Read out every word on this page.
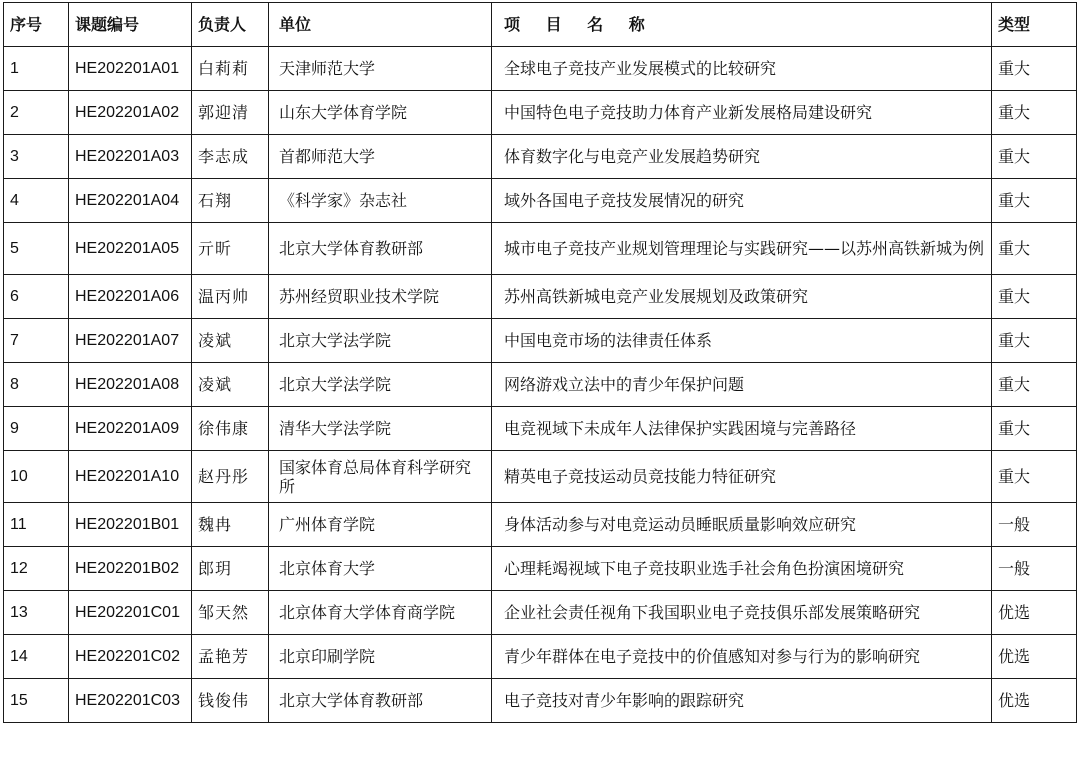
序号	课题编号	负责人	单位	项 目 名 称	类型
1	HE202201A01	白莉莉	天津师范大学	全球电子竞技产业发展模式的比较研究	重大
2	HE202201A02	郭迎清	山东大学体育学院	中国特色电子竞技助力体育产业新发展格局建设研究	重大
3	HE202201A03	李志成	首都师范大学	体育数字化与电竞产业发展趋势研究	重大
4	HE202201A04	石翔	《科学家》杂志社	域外各国电子竞技发展情况的研究	重大
5	HE202201A05	亓昕	北京大学体育教研部	城市电子竞技产业规划管理理论与实践研究——以苏州高铁新城为例	重大
6	HE202201A06	温丙帅	苏州经贸职业技术学院	苏州高铁新城电竞产业发展规划及政策研究	重大
7	HE202201A07	凌斌	北京大学法学院	中国电竞市场的法律责任体系	重大
8	HE202201A08	凌斌	北京大学法学院	网络游戏立法中的青少年保护问题	重大
9	HE202201A09	徐伟康	清华大学法学院	电竞视域下未成年人法律保护实践困境与完善路径	重大
10	HE202201A10	赵丹彤	国家体育总局体育科学研究所	精英电子竞技运动员竞技能力特征研究	重大
11	HE202201B01	魏冉	广州体育学院	身体活动参与对电竞运动员睡眠质量影响效应研究	一般
12	HE202201B02	郎玥	北京体育大学	心理耗竭视域下电子竞技职业选手社会角色扮演困境研究	一般
13	HE202201C01	邹天然	北京体育大学体育商学院	企业社会责任视角下我国职业电子竞技俱乐部发展策略研究	优选
14	HE202201C02	孟艳芳	北京印刷学院	青少年群体在电子竞技中的价值感知对参与行为的影响研究	优选
15	HE202201C03	钱俊伟	北京大学体育教研部	电子竞技对青少年影响的跟踪研究	优选
